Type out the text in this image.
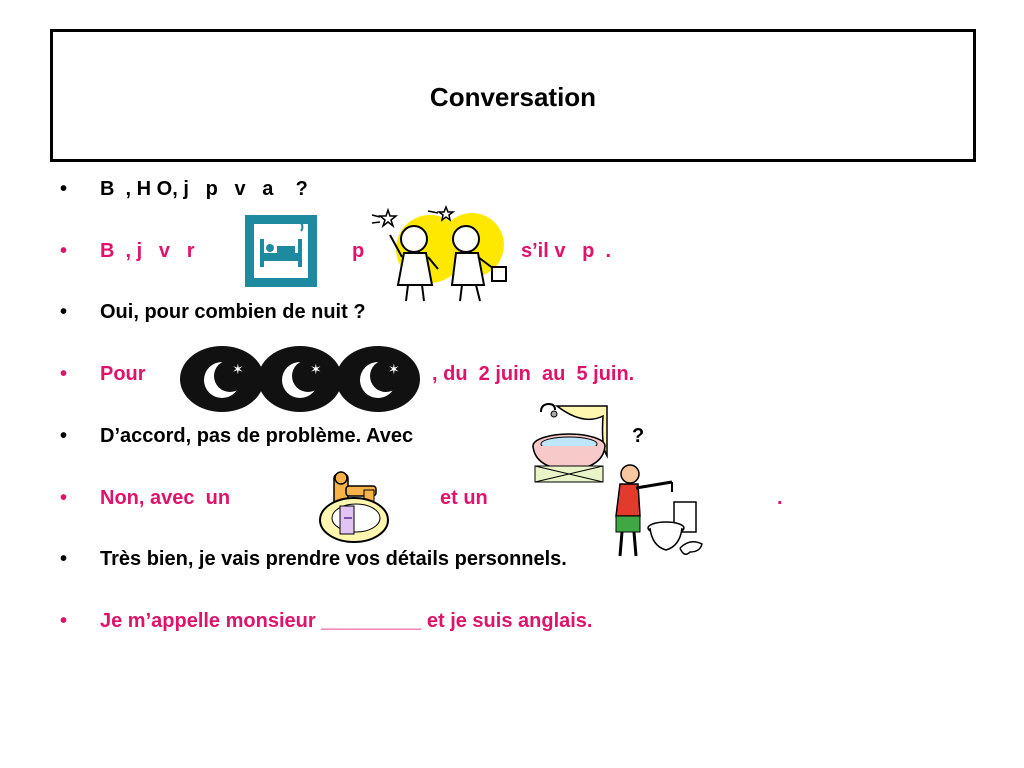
Conversation
• B  , H O, j   p   v   a    ?
• B  , j   v   r	p	s’il v   p  .
• Oui, pour combien de nuit ?
• Pour	, du  2 juin  au  5 juin.
✶	✶	✶
• D’accord, pas de problème. Avec	?
• Non, avec  un	et un	.
• Très bien, je vais prendre vos détails personnels.
• Je m’appelle monsieur _________ et je suis anglais.
